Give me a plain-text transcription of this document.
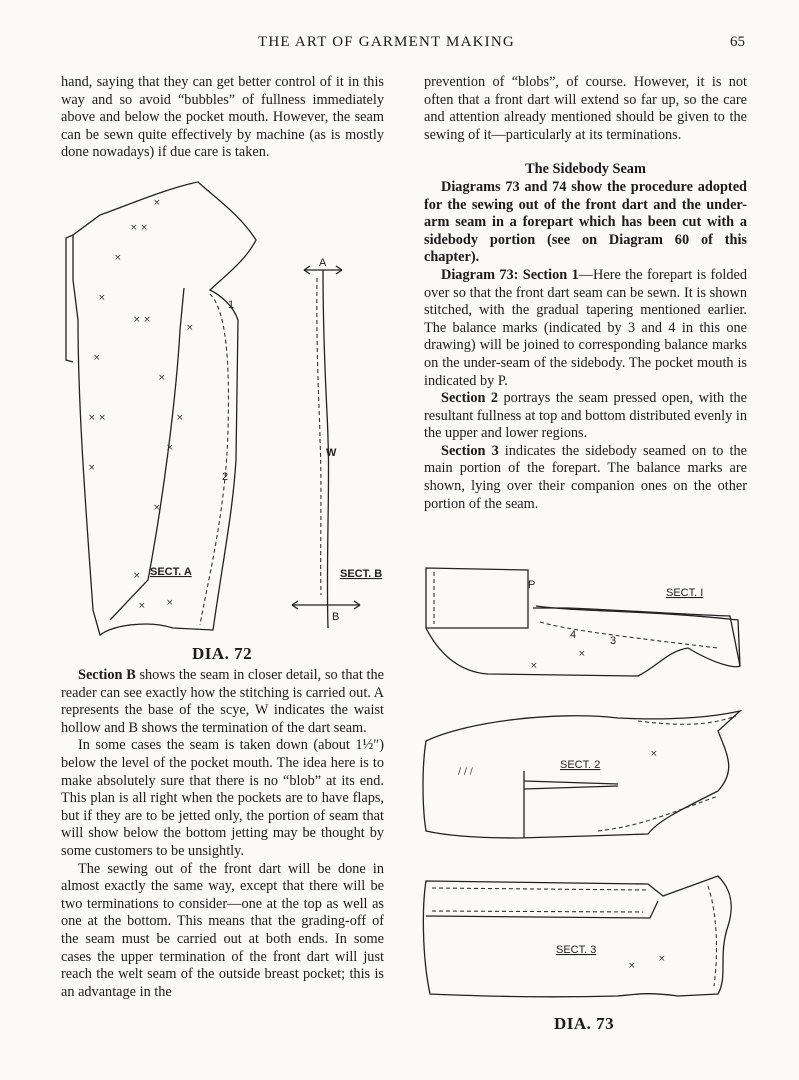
THE ART OF GARMENT MAKING	65

hand, saying that they can get better control of it in this way and so avoid “bubbles” of fullness immediately above and below the pocket mouth. However, the seam can be sewn quite effectively by machine (as is mostly done nowadays) if due care is taken.

prevention of “blobs”, of course. However, it is not often that a front dart will extend so far up, so the care and attention already mentioned should be given to the sewing of it—particularly at its terminations.

The Sidebody Seam

Diagrams 73 and 74 show the procedure adopted for the sewing out of the front dart and the under-arm seam in a forepart which has been cut with a sidebody portion (see on Diagram 60 of this chapter).

Diagram 73: Section 1—Here the forepart is folded over so that the front dart seam can be sewn. It is shown stitched, with the gradual tapering mentioned earlier. The balance marks (indicated by 3 and 4 in this one drawing) will be joined to corresponding balance marks on the under-seam of the sidebody. The pocket mouth is indicated by P.

Section 2 portrays the seam pressed open, with the resultant fullness at top and bottom distributed evenly in the upper and lower regions.

Section 3 indicates the sidebody seamed on to the main portion of the forepart. The balance marks are shown, lying over their companion ones on the other portion of the seam.

× ×
×
×
×
× ×
×
× ×
×
×
×
×
×
×
×
× ×
1
2
SECT. A
A
W
B
SECT. B
DIA. 72

Section B shows the seam in closer detail, so that the reader can see exactly how the stitching is carried out. A represents the base of the scye, W indicates the waist hollow and B shows the termination of the dart seam.

In some cases the seam is taken down (about 1½″) below the level of the pocket mouth. The idea here is to make absolutely sure that there is no “blob” at its end. This plan is all right when the pockets are to have flaps, but if they are to be jetted only, the portion of seam that will show below the bottom jetting may be thought by some customers to be unsightly.

The sewing out of the front dart will be done in almost exactly the same way, except that there will be two terminations to consider—one at the top as well as one at the bottom. This means that the grading-off of the seam must be carried out at both ends. In some cases the upper termination of the front dart will just reach the welt seam of the outside breast pocket; this is an advantage in the

SECT. I
P
4	3
×
×
SECT. 2
/ / /
×
SECT. 3
×
×
DIA. 73
